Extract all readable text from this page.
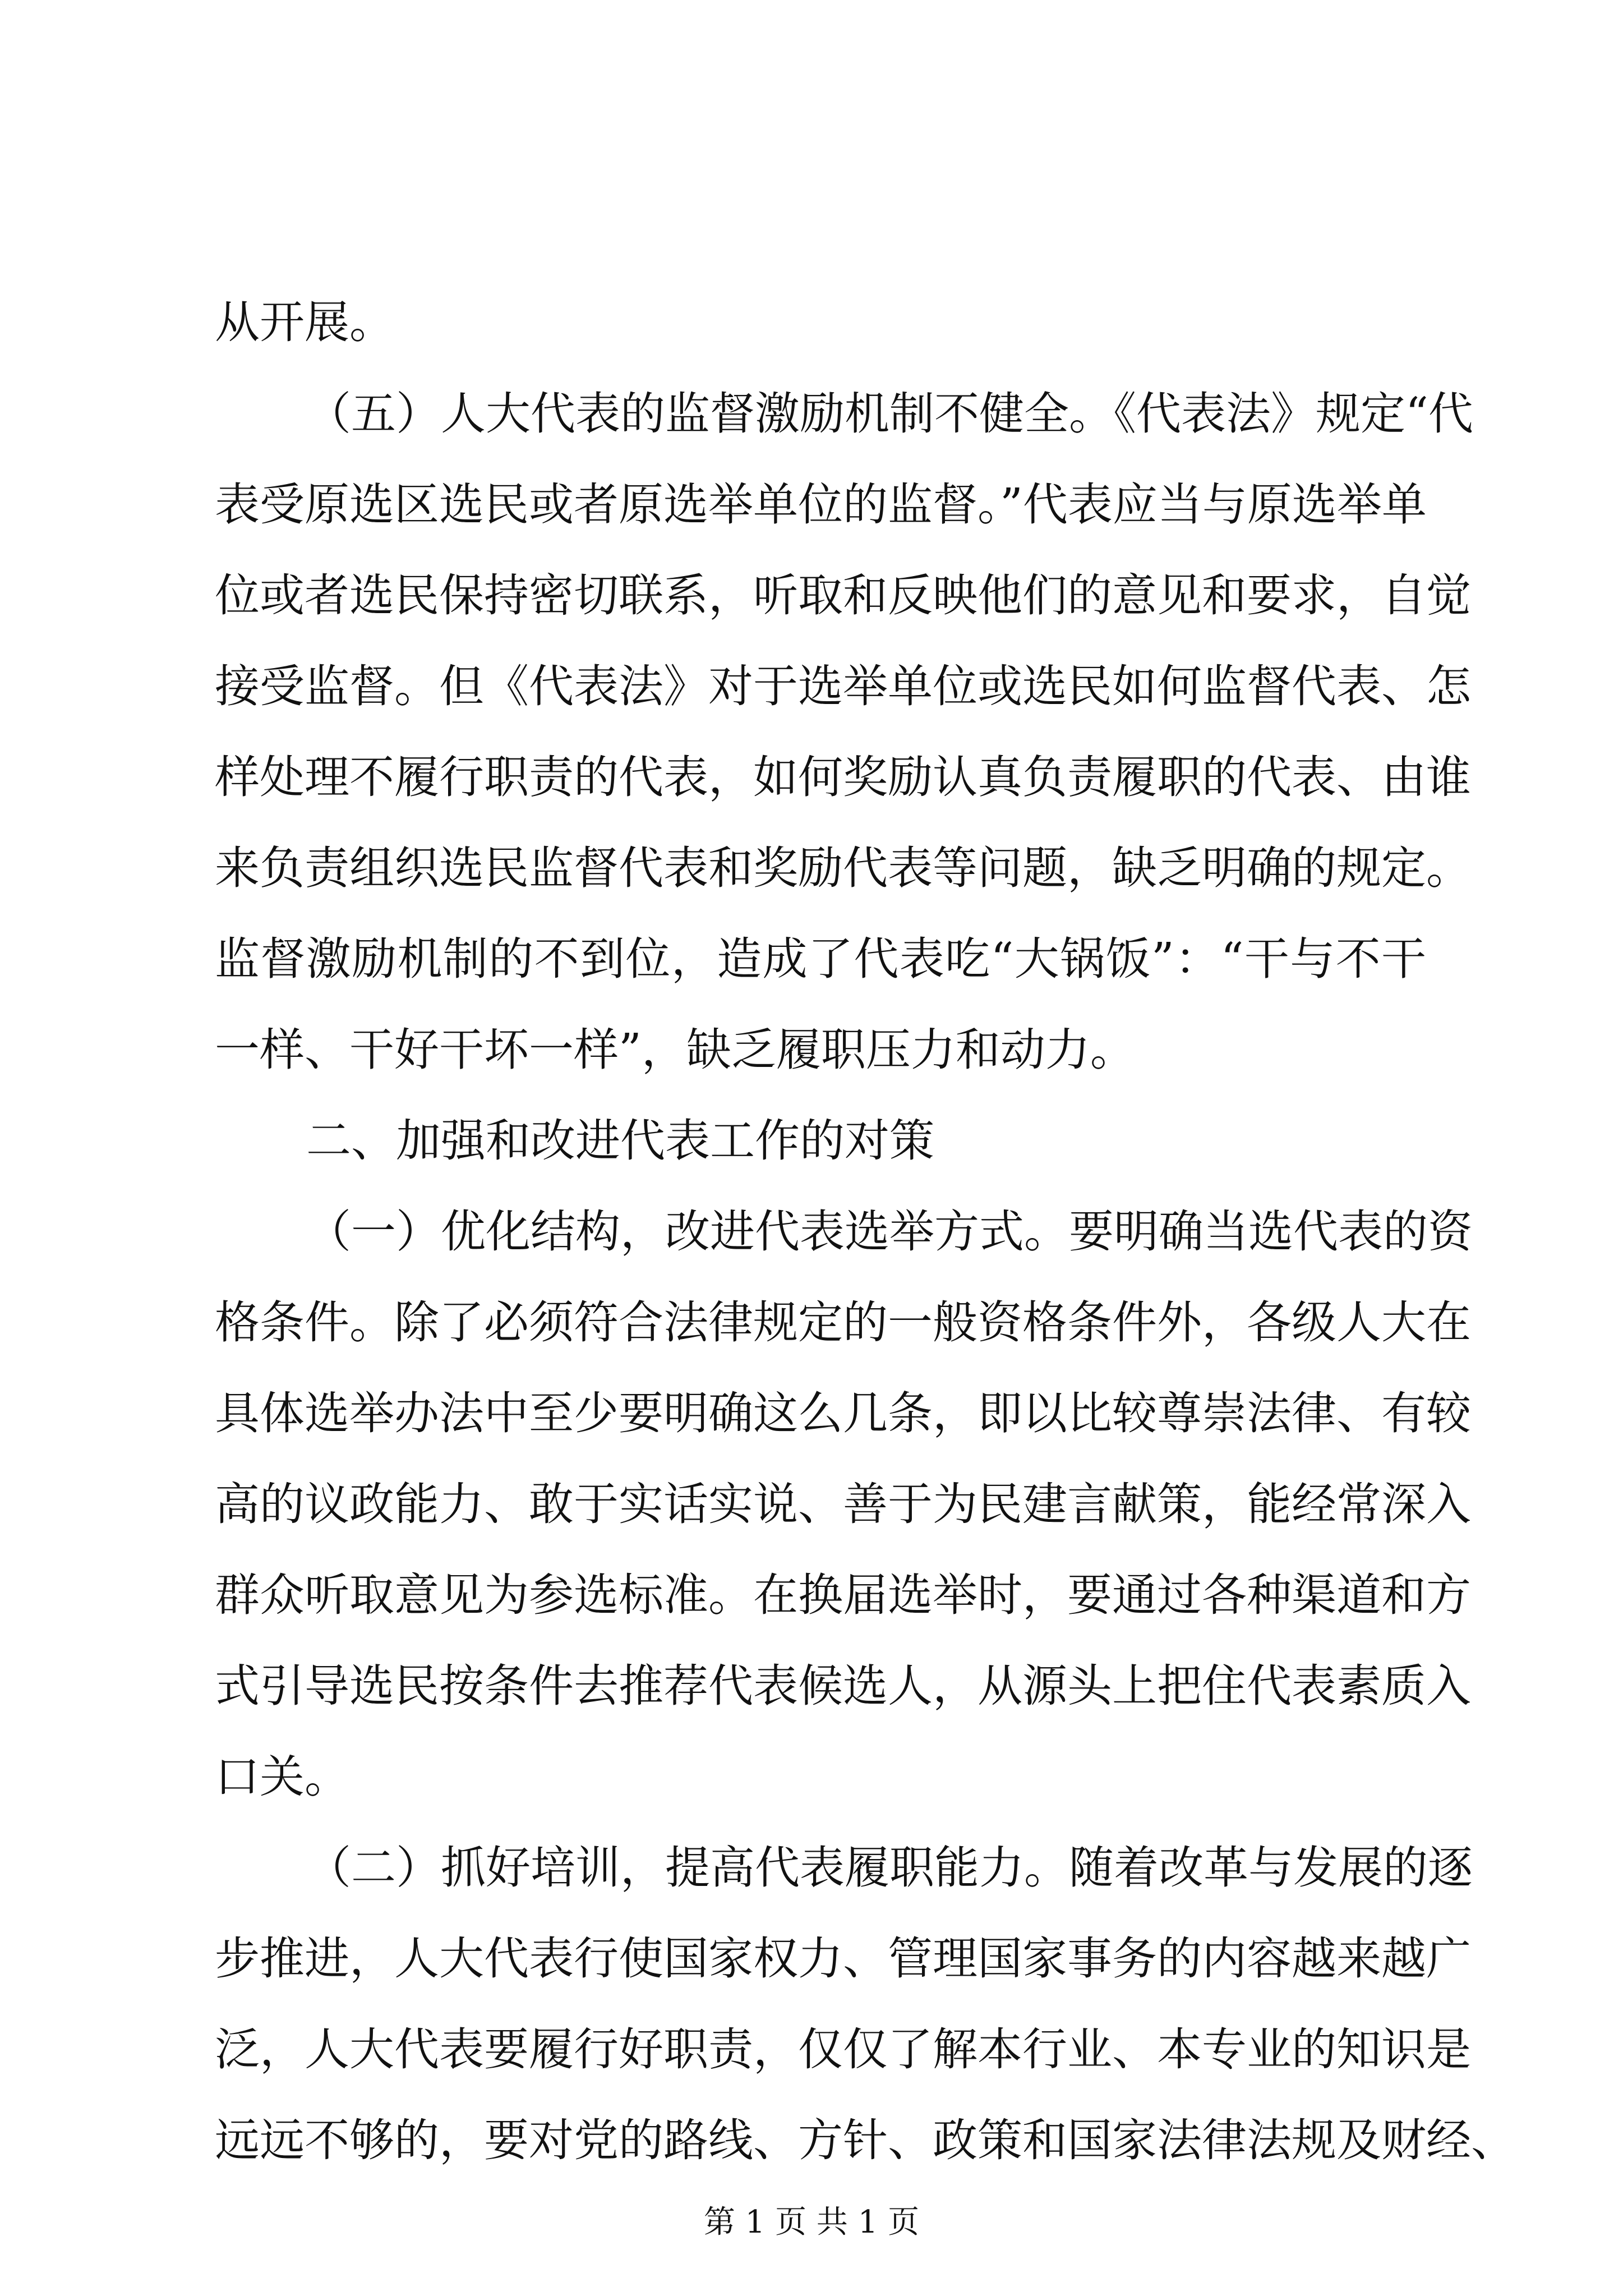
从开展。
（五）人大代表的监督激励机制不健全。《代表法》规定“代
表受原选区选民或者原选举单位的监督。”代表应当与原选举单
位或者选民保持密切联系，听取和反映他们的意见和要求，自觉
接受监督。但《代表法》对于选举单位或选民如何监督代表、怎
样处理不履行职责的代表，如何奖励认真负责履职的代表、由谁
来负责组织选民监督代表和奖励代表等问题，缺乏明确的规定。
监督激励机制的不到位，造成了代表吃“大锅饭”：“干与不干
一样、干好干坏一样”，缺乏履职压力和动力。
二、加强和改进代表工作的对策
（一）优化结构，改进代表选举方式。要明确当选代表的资
格条件。除了必须符合法律规定的一般资格条件外，各级人大在
具体选举办法中至少要明确这么几条，即以比较尊崇法律、有较
高的议政能力、敢于实话实说、善于为民建言献策，能经常深入
群众听取意见为参选标准。在换届选举时，要通过各种渠道和方
式引导选民按条件去推荐代表候选人，从源头上把住代表素质入
口关。
（二）抓好培训，提高代表履职能力。随着改革与发展的逐
步推进，人大代表行使国家权力、管理国家事务的内容越来越广
泛，人大代表要履行好职责，仅仅了解本行业、本专业的知识是
远远不够的，要对党的路线、方针、政策和国家法律法规及财经、
第 1 页 共 1 页
